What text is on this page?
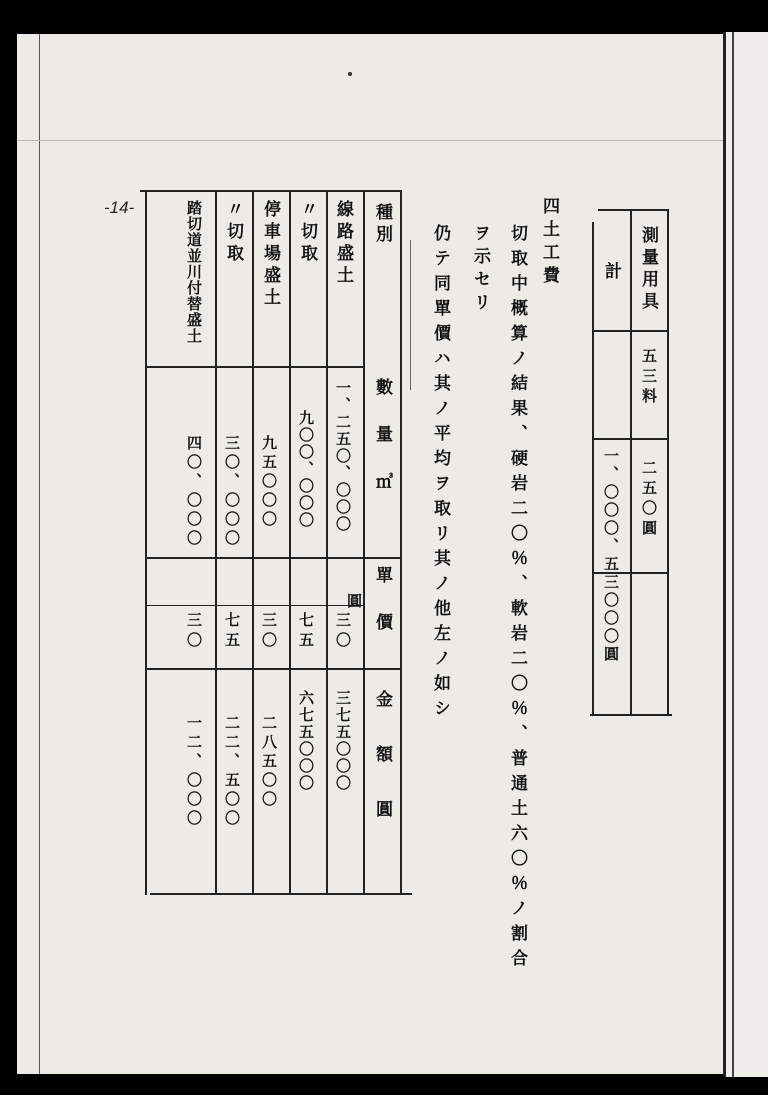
測量用具
五三料
二五〇圓
計
一、〇〇〇、五三〇〇〇圓
四土工費
切取中概算ノ結果、硬岩二〇％、軟岩二〇％、普通土六〇％ノ割合
ヲ示セリ
仍テ同單價ハ其ノ平均ヲ取リ其ノ他左ノ如シ
種別
數量㎥
單價
圓
金額圓
線路盛土
一、二五〇、〇〇〇
三〇
三七五〇〇〇
〃切取
九〇〇、〇〇〇
七五
六七五〇〇〇
停車場盛土
九五〇〇〇
三〇
二八五〇〇
〃切取
三〇、〇〇〇
七五
二二、五〇〇
踏切道並川付替盛土
四〇、〇〇〇
三〇
一二、〇〇〇
-14-
